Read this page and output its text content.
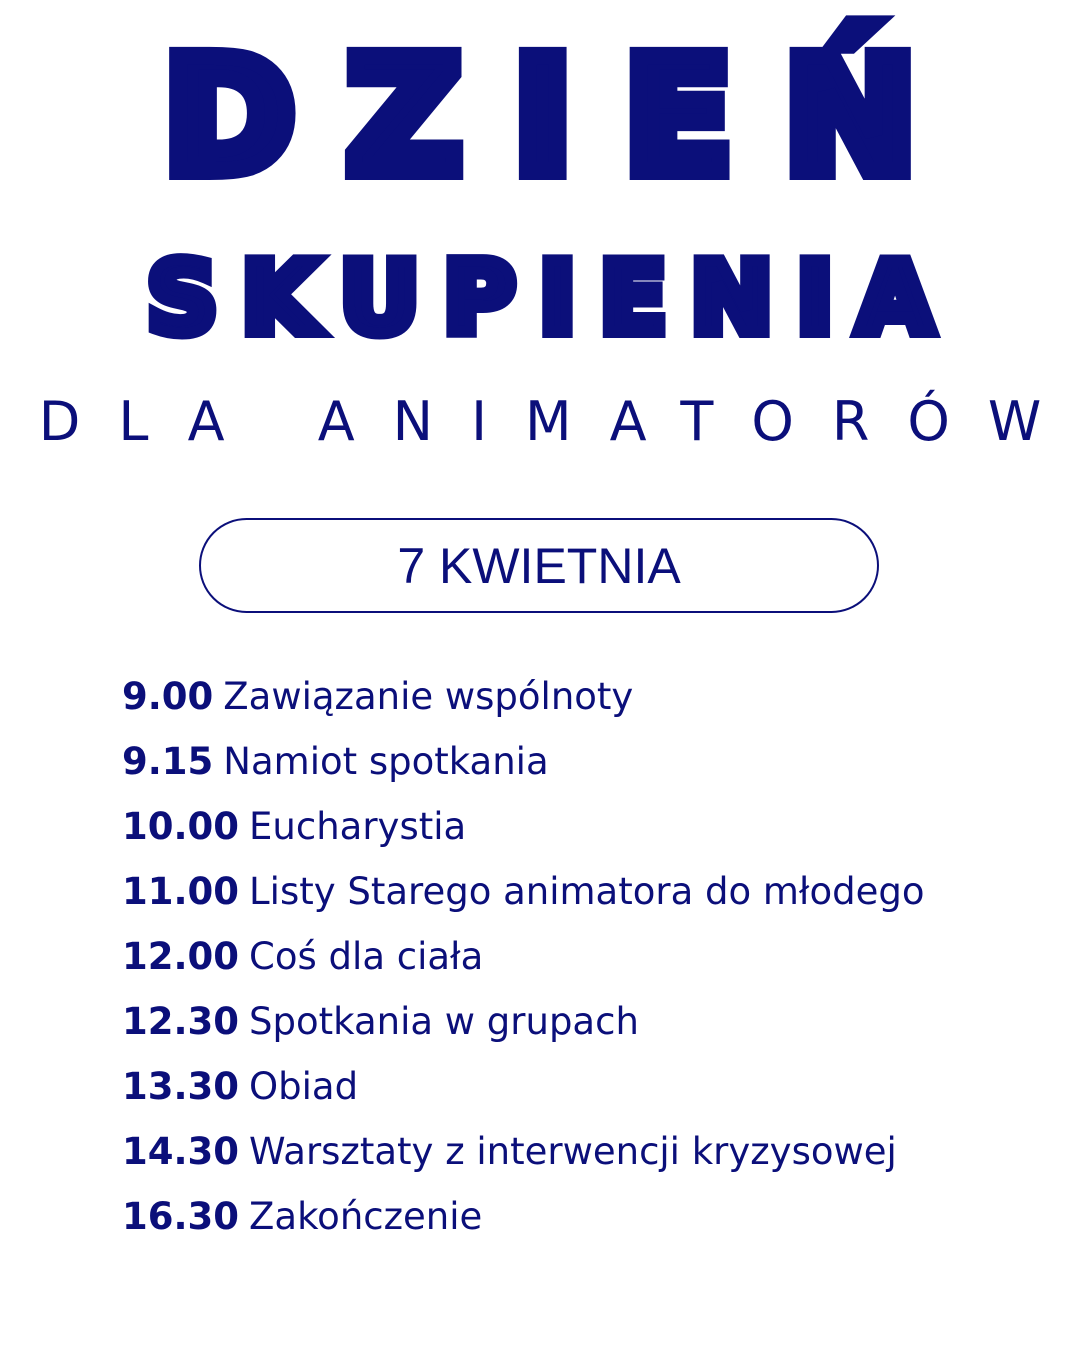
DZIEŃ
SKUPIENIA
DLA ANIMATORÓW
7 KWIETNIA
9.00 Zawiązanie wspólnoty
9.15 Namiot spotkania
10.00 Eucharystia
11.00 Listy Starego animatora do młodego
12.00 Coś dla ciała
12.30 Spotkania w grupach
13.30 Obiad
14.30 Warsztaty z interwencji kryzysowej
16.30 Zakończenie
